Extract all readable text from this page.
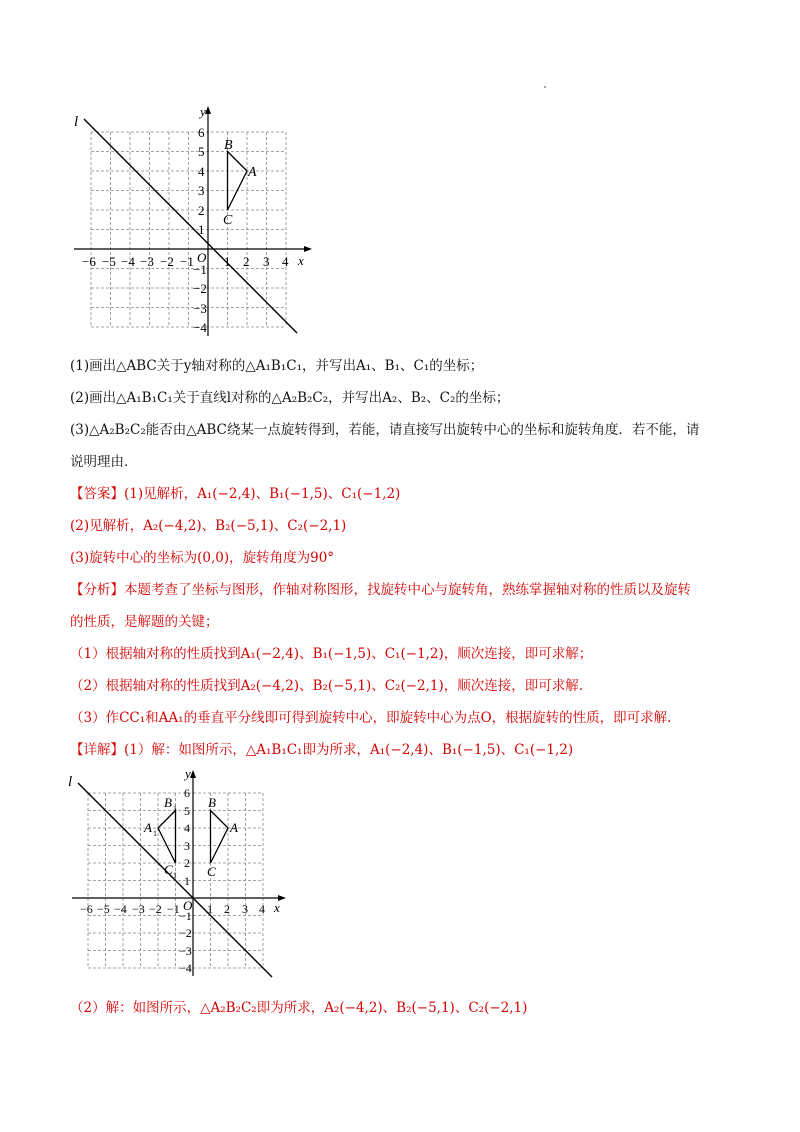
l
y
x
O
−6 −5 −4 −3 −2 −1 1 2 3 4
6
5
4
3
2
1
−1
−2
−3
−4
A
B
C
(1)画出△ABC关于y轴对称的△A₁B₁C₁，并写出A₁、B₁、C₁的坐标；
(2)画出△A₁B₁C₁关于直线l对称的△A₂B₂C₂，并写出A₂、B₂、C₂的坐标；
(3)△A₂B₂C₂能否由△ABC绕某一点旋转得到，若能，请直接写出旋转中心的坐标和旋转角度．若不能，请
说明理由．
【答案】(1)见解析，A₁(−2,4)、B₁(−1,5)、C₁(−1,2)
(2)见解析，A₂(−4,2)、B₂(−5,1)、C₂(−2,1)
(3)旋转中心的坐标为(0,0)，旋转角度为90°
【分析】本题考查了坐标与图形，作轴对称图形，找旋转中心与旋转角，熟练掌握轴对称的性质以及旋转
的性质，是解题的关键；
（1）根据轴对称的性质找到A₁(−2,4)、B₁(−1,5)、C₁(−1,2)，顺次连接，即可求解；
（2）根据轴对称的性质找到A₂(−4,2)、B₂(−5,1)、C₂(−2,1)，顺次连接，即可求解.
（3）作CC₁和AA₁的垂直平分线即可得到旋转中心，即旋转中心为点O，根据旋转的性质，即可求解.
【详解】(1）解：如图所示，△A₁B₁C₁即为所求，A₁(−2,4)、B₁(−1,5)、C₁(−1,2)
l
y
x
O
−6 −5 −4 −3 −2 −1 1 2 3 4
6
5
4
3
2
1
−1
−2
−3
−4
A
B
C
A 1
B 1
C 1
（2）解：如图所示，△A₂B₂C₂即为所求，A₂(−4,2)、B₂(−5,1)、C₂(−2,1)
